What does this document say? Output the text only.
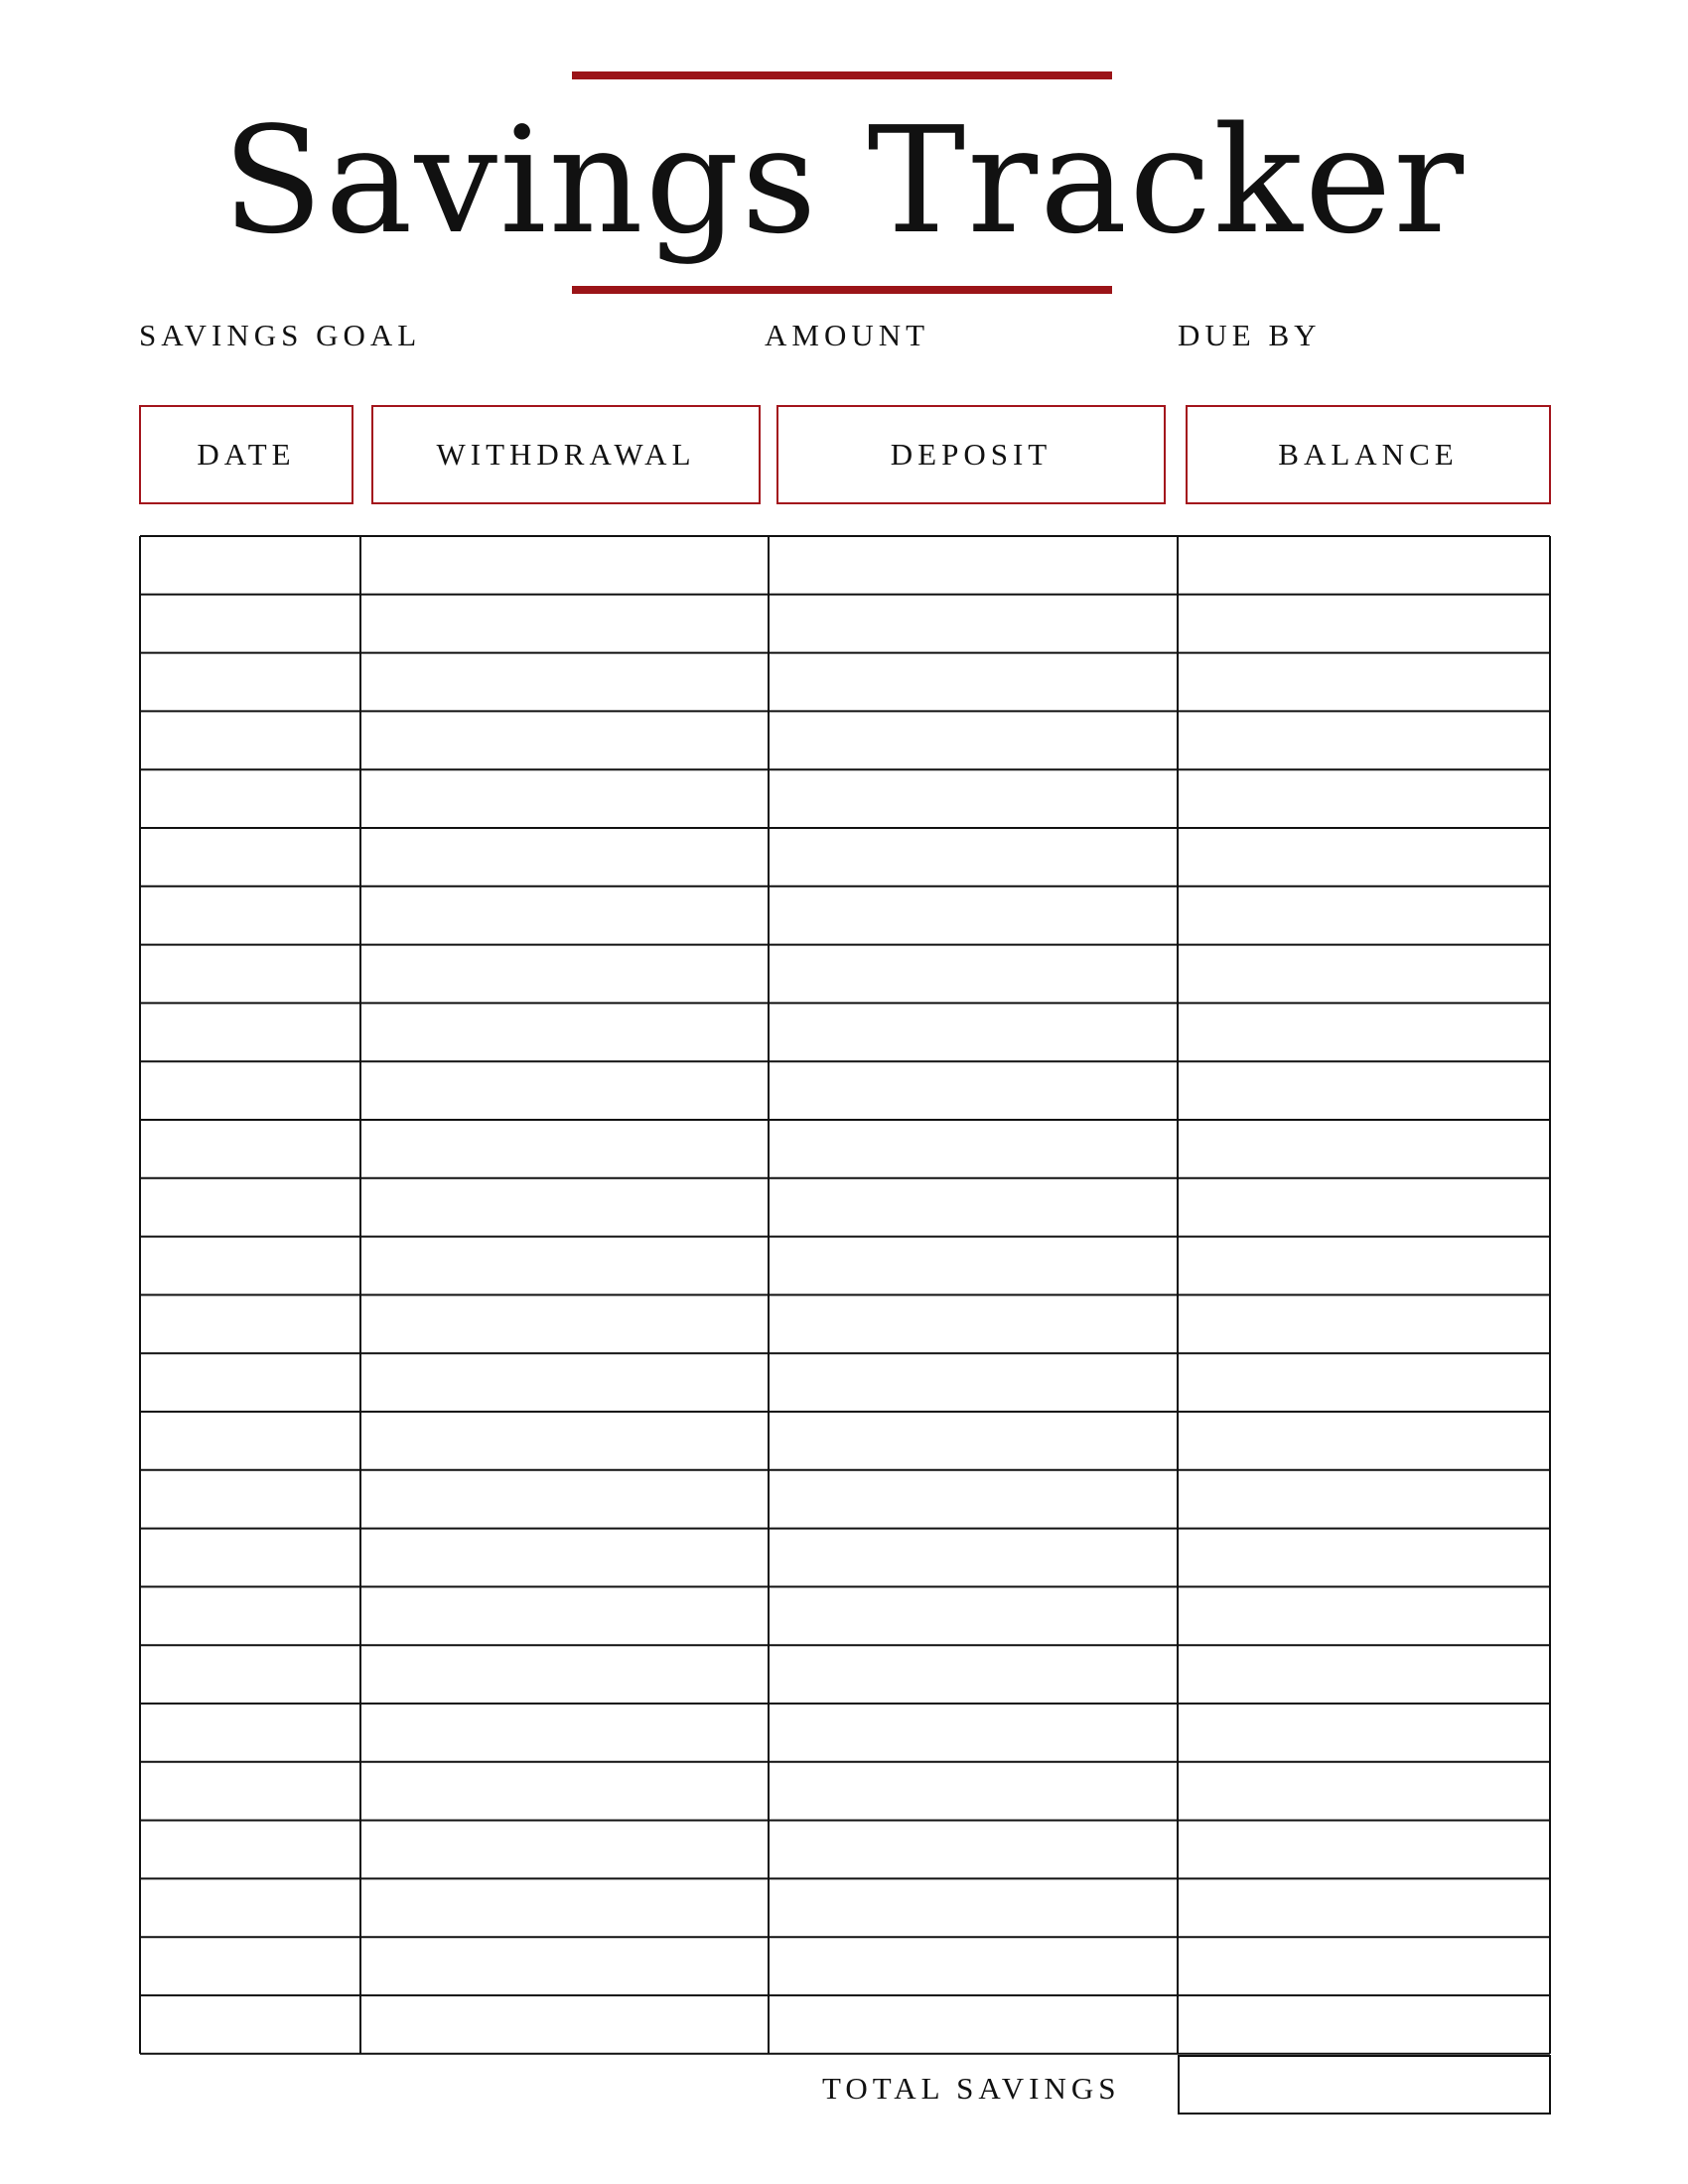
Savings Tracker
SAVINGS GOAL	AMOUNT	DUE BY
DATE	WITHDRAWAL	DEPOSIT	BALANCE
TOTAL SAVINGS
